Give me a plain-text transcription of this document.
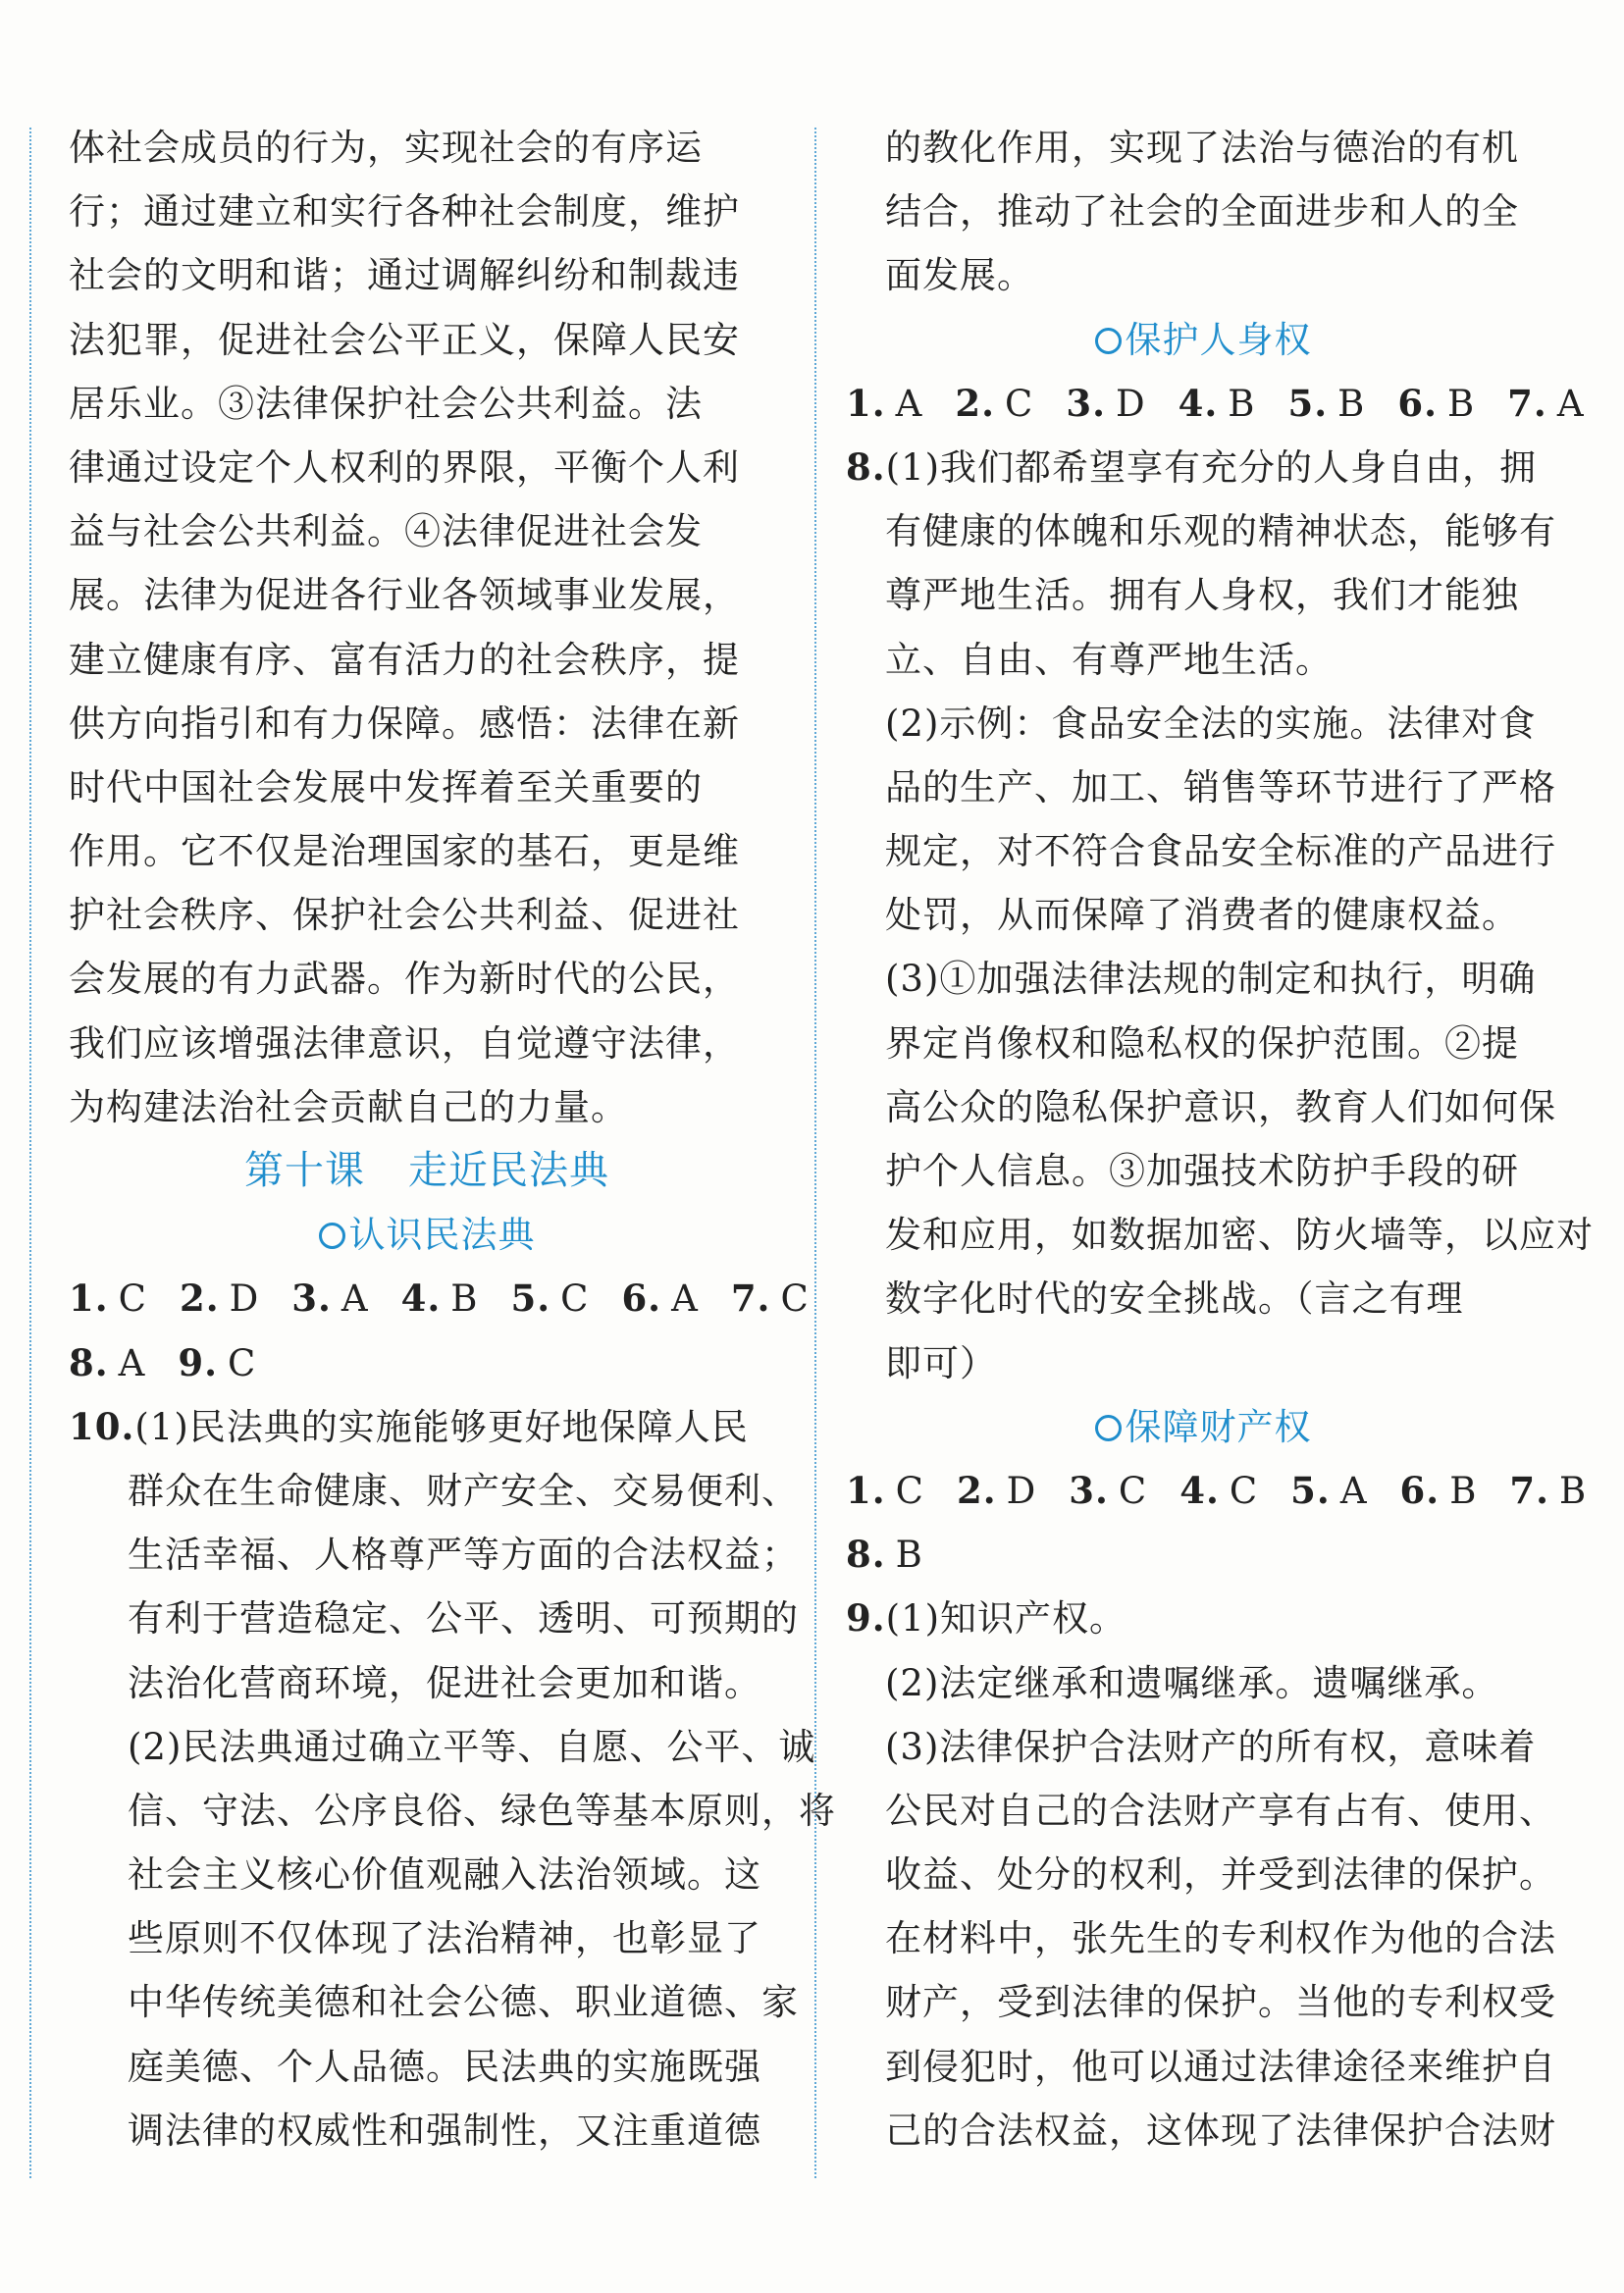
体社会成员的行为，实现社会的有序运
行；通过建立和实行各种社会制度，维护
社会的文明和谐；通过调解纠纷和制裁违
法犯罪，促进社会公平正义，保障人民安
居乐业。③法律保护社会公共利益。法
律通过设定个人权利的界限，平衡个人利
益与社会公共利益。④法律促进社会发
展。法律为促进各行业各领域事业发展，
建立健康有序、富有活力的社会秩序，提
供方向指引和有力保障。感悟：法律在新
时代中国社会发展中发挥着至关重要的
作用。它不仅是治理国家的基石，更是维
护社会秩序、保护社会公共利益、促进社
会发展的有力武器。作为新时代的公民，
我们应该增强法律意识，自觉遵守法律，
为构建法治社会贡献自己的力量。
第十课 走近民法典
认识民法典
1. C 2. D 3. A 4. B 5. C 6. A 7. C
8. A 9. C
10.(1)民法典的实施能够更好地保障人民
群众在生命健康、财产安全、交易便利、
生活幸福、人格尊严等方面的合法权益；
有利于营造稳定、公平、透明、可预期的
法治化营商环境，促进社会更加和谐。
(2)民法典通过确立平等、自愿、公平、诚
信、守法、公序良俗、绿色等基本原则，将
社会主义核心价值观融入法治领域。这
些原则不仅体现了法治精神，也彰显了
中华传统美德和社会公德、职业道德、家
庭美德、个人品德。民法典的实施既强
调法律的权威性和强制性，又注重道德
的教化作用，实现了法治与德治的有机
结合，推动了社会的全面进步和人的全
面发展。
保护人身权
1. A 2. C 3. D 4. B 5. B 6. B 7. A
8.(1)我们都希望享有充分的人身自由，拥
有健康的体魄和乐观的精神状态，能够有
尊严地生活。拥有人身权，我们才能独
立、自由、有尊严地生活。
(2)示例：食品安全法的实施。法律对食
品的生产、加工、销售等环节进行了严格
规定，对不符合食品安全标准的产品进行
处罚，从而保障了消费者的健康权益。
(3)①加强法律法规的制定和执行，明确
界定肖像权和隐私权的保护范围。②提
高公众的隐私保护意识，教育人们如何保
护个人信息。③加强技术防护手段的研
发和应用，如数据加密、防火墙等，以应对
数字化时代的安全挑战。（言之有理
即可）
保障财产权
1. C 2. D 3. C 4. C 5. A 6. B 7. B
8. B
9.(1)知识产权。
(2)法定继承和遗嘱继承。遗嘱继承。
(3)法律保护合法财产的所有权，意味着
公民对自己的合法财产享有占有、使用、
收益、处分的权利，并受到法律的保护。
在材料中，张先生的专利权作为他的合法
财产，受到法律的保护。当他的专利权受
到侵犯时，他可以通过法律途径来维护自
己的合法权益，这体现了法律保护合法财
